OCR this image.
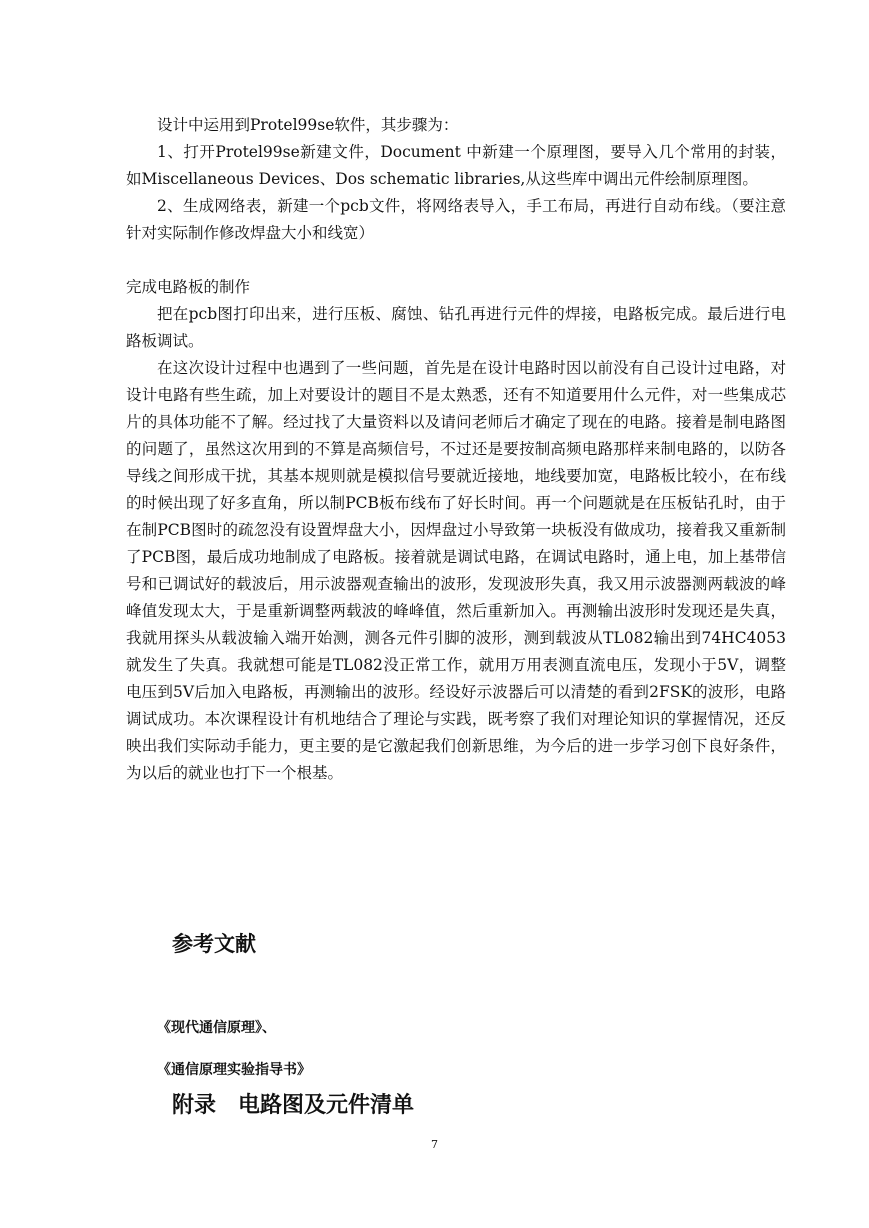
设计中运用到Protel99se软件，其步骤为：

1、打开Protel99se新建文件，Document 中新建一个原理图，要导入几个常用的封装，如Miscellaneous Devices、Dos schematic libraries,从这些库中调出元件绘制原理图。

2、生成网络表，新建一个pcb文件，将网络表导入，手工布局，再进行自动布线。（要注意针对实际制作修改焊盘大小和线宽）

完成电路板的制作

把在pcb图打印出来，进行压板、腐蚀、钻孔再进行元件的焊接，电路板完成。最后进行电路板调试。

在这次设计过程中也遇到了一些问题，首先是在设计电路时因以前没有自己设计过电路，对设计电路有些生疏，加上对要设计的题目不是太熟悉，还有不知道要用什么元件，对一些集成芯片的具体功能不了解。经过找了大量资料以及请问老师后才确定了现在的电路。接着是制电路图的问题了，虽然这次用到的不算是高频信号，不过还是要按制高频电路那样来制电路的，以防各导线之间形成干扰，其基本规则就是模拟信号要就近接地，地线要加宽，电路板比较小，在布线的时候出现了好多直角，所以制PCB板布线布了好长时间。再一个问题就是在压板钻孔时，由于在制PCB图时的疏忽没有设置焊盘大小，因焊盘过小导致第一块板没有做成功，接着我又重新制了PCB图，最后成功地制成了电路板。接着就是调试电路，在调试电路时，通上电，加上基带信号和已调试好的载波后，用示波器观查输出的波形，发现波形失真，我又用示波器测两载波的峰峰值发现太大，于是重新调整两载波的峰峰值，然后重新加入。再测输出波形时发现还是失真，我就用探头从载波输入端开始测，测各元件引脚的波形，测到载波从TL082输出到74HC4053就发生了失真。我就想可能是TL082没正常工作，就用万用表测直流电压，发现小于5V，调整电压到5V后加入电路板，再测输出的波形。经设好示波器后可以清楚的看到2FSK的波形，电路调试成功。本次课程设计有机地结合了理论与实践，既考察了我们对理论知识的掌握情况，还反映出我们实际动手能力，更主要的是它激起我们创新思维，为今后的进一步学习创下良好条件，为以后的就业也打下一个根基。

参考文献

《现代通信原理》、

《通信原理实验指导书》

附录　电路图及元件清单
7
